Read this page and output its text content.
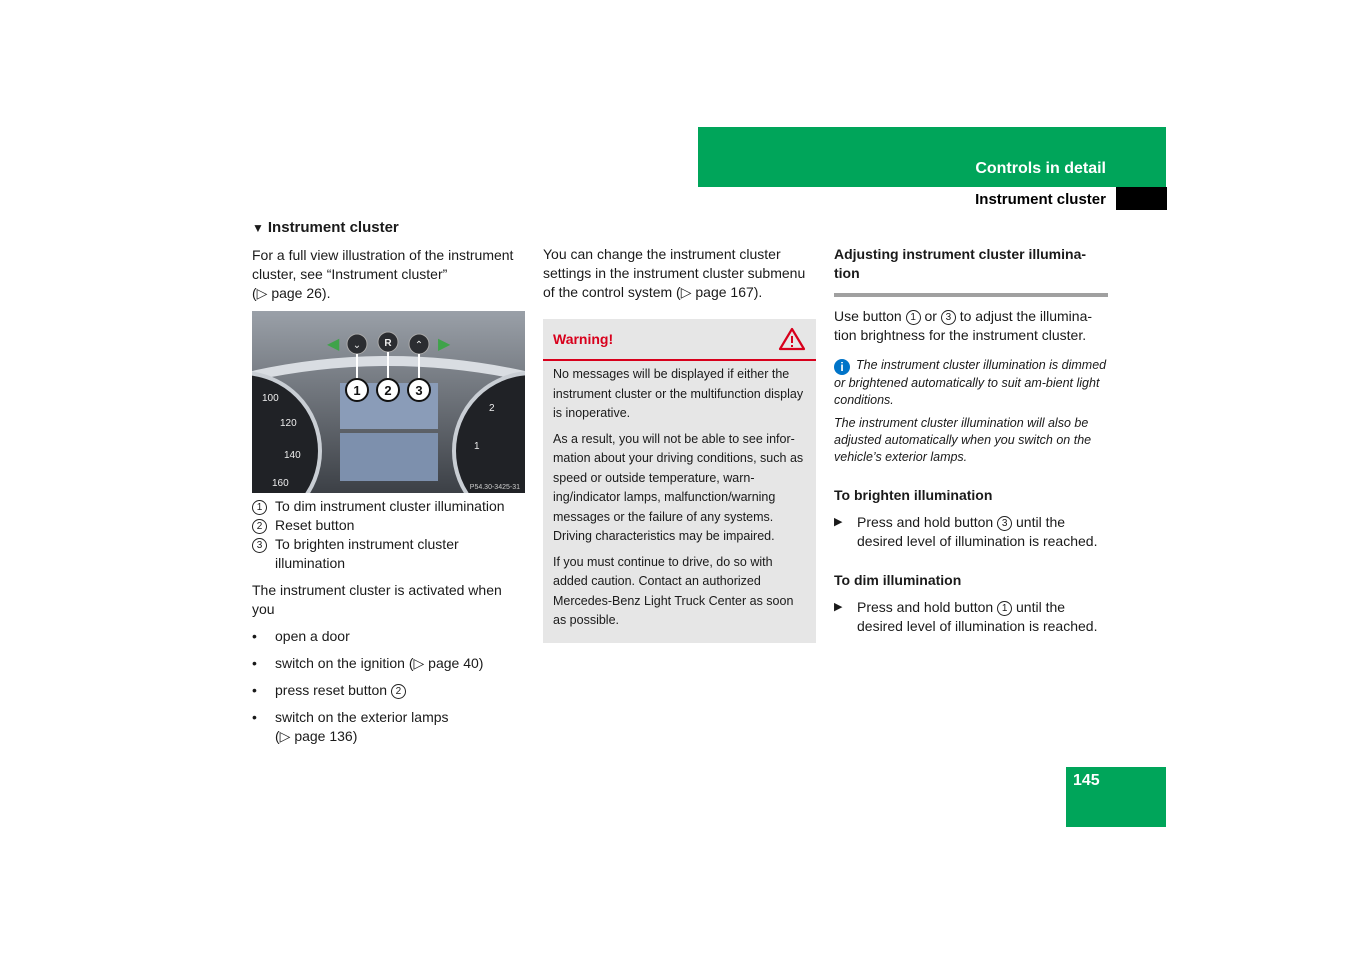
Controls in detail
Instrument cluster
▼ Instrument cluster

For a full view illustration of the instrument cluster, see “Instrument cluster”

(▷ page 26).

100
120
140
160
2
1
◀	▶
⌄ R ⌃
1 2 3
P54.30-3425-31
1 To dim instrument cluster illumination
2 Reset button
3 To brighten instrument cluster illumination

The instrument cluster is activated when you

•	open a door
•	switch on the ignition (▷ page 40)
•	press reset button 2
•	switch on the exterior lamps
(▷ page 136)

You can change the instrument cluster settings in the instrument cluster submenu of the control system (▷ page 167).

Warning!

No messages will be displayed if either the instrument cluster or the multifunction display is inoperative.

As a result, you will not be able to see infor-mation about your driving conditions, such as speed or outside temperature, warn-ing/indicator lamps, malfunction/warning messages or the failure of any systems. Driving characteristics may be impaired.

If you must continue to drive, do so with added caution. Contact an authorized Mercedes-Benz Light Truck Center as soon as possible.

Adjusting instrument cluster illumina-tion

Use button 1 or 3 to adjust the illumina-tion brightness for the instrument cluster.

i The instrument cluster illumination is dimmed or brightened automatically to suit am-bient light conditions.

The instrument cluster illumination will also be adjusted automatically when you switch on the vehicle’s exterior lamps.

To brighten illumination
▶	Press and hold button 3 until the desired level of illumination is reached.
To dim illumination
▶	Press and hold button 1 until the desired level of illumination is reached.
145
